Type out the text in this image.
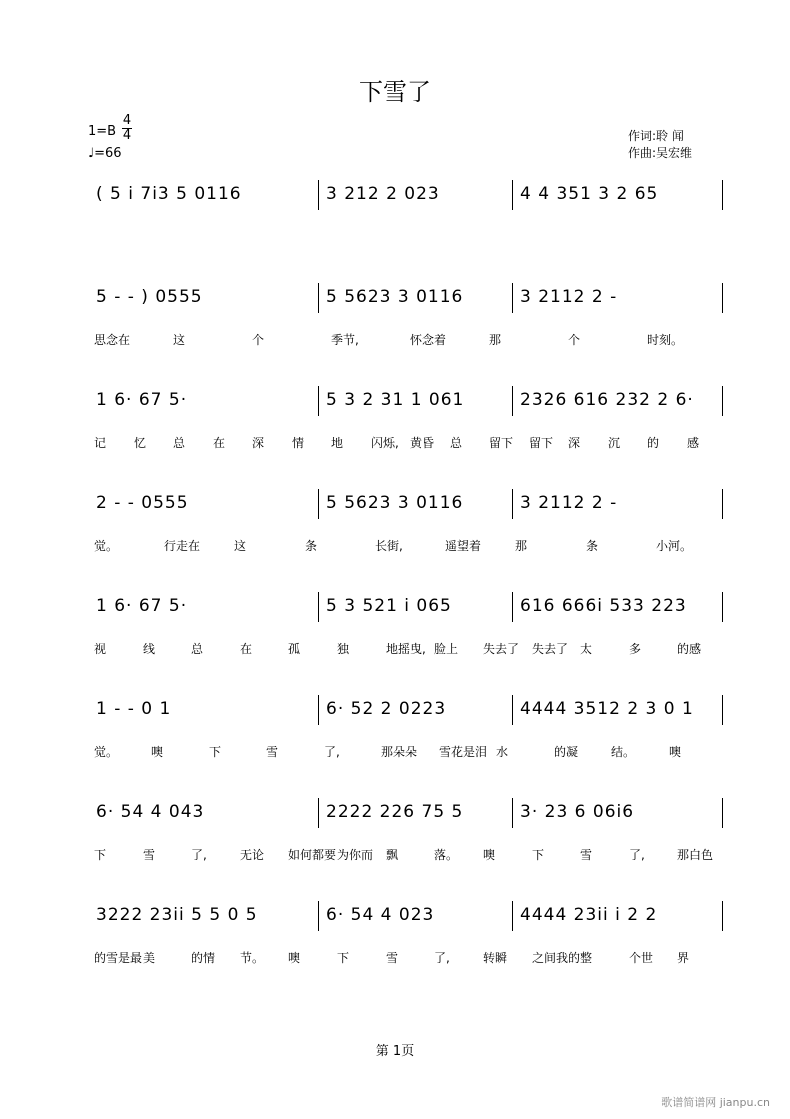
下雪了
1=B
4
4
♩=66
作词:聆 闻
作曲:吴宏维
( 5 i 7i3 5 0116	3 212 2 023	4 4 351 3 2 65
5 - - ) 0555	5 5623 3 0116	3 2112 2 -
思念在	这	个	季节,	怀念着	那	个	时刻。
1 6· 67 5·	5 3 2 31 1 061	2326 616 232 2 6·
记 忆 总 在 深 情 地 闪烁, 黄昏 总 留下 留下 深 沉 的 感
2 - - 0555	5 5623 3 0116	3 2112 2 -
觉。	行走在	这	条	长街,	遥望着	那	条	小河。
1 6· 67 5·	5 3 521 i 065	616 666i 533 223
视	线	总	在	孤	独	地摇曳, 脸上 失去了 失去了 太	多	的感
1 - - 0 1	6· 52 2 0223	4444 3512 2 3 0 1
觉。	噢	下	雪	了,	那朵朵 雪花是泪 水	的凝	结。	噢
6· 54 4 043	2222 226 75 5	3· 23 6 06i6
下	雪	了,	无论 如何都要 为你而 飘	落。 噢	下	雪	了,	那白色
3222 23ii 5 5 0 5	6· 54 4 023	4444 23ii i 2 2
的雪是最 美	的情 节。 噢	下	雪	了,	转瞬 之间我的 整	个世 界
第 1页
歌谱简谱网 jianpu.cn
